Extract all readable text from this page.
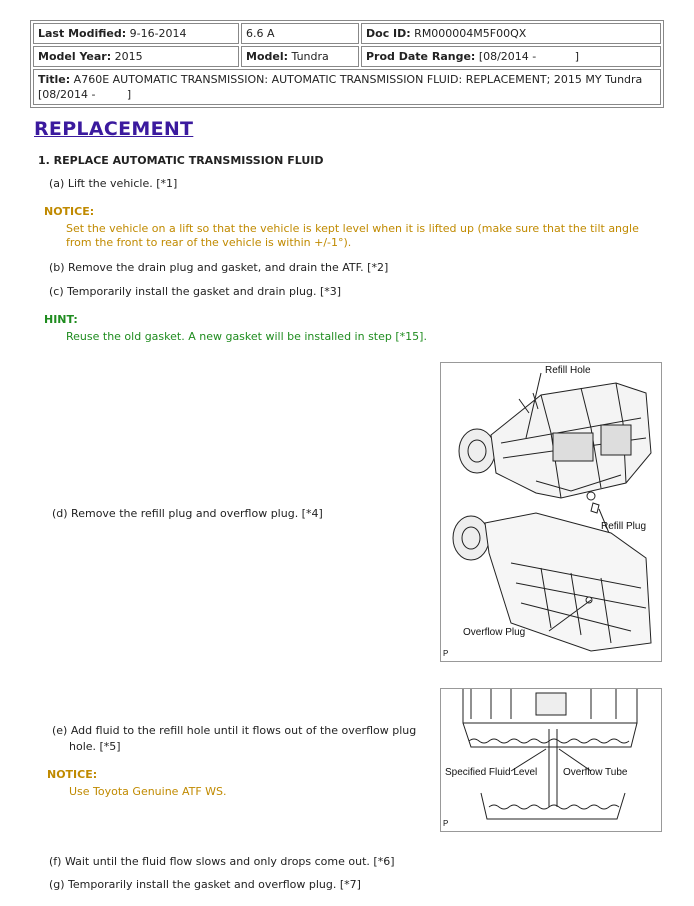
Last Modified: 9-16-2014	6.6 A	Doc ID: RM000004M5F00QX
Model Year: 2015	Model: Tundra	Prod Date Range: [08/2014 -           ]
Title: A760E AUTOMATIC TRANSMISSION: AUTOMATIC TRANSMISSION FLUID: REPLACEMENT; 2015 MY Tundra [08/2014 -         ]		
REPLACEMENT
1. REPLACE AUTOMATIC TRANSMISSION FLUID
(a) Lift the vehicle. [*1]
NOTICE:
Set the vehicle on a lift so that the vehicle is kept level when it is lifted up (make sure that the tilt angle
from the front to rear of the vehicle is within +/-1°).
(b) Remove the drain plug and gasket, and drain the ATF. [*2]
(c) Temporarily install the gasket and drain plug. [*3]
HINT:
Reuse the old gasket. A new gasket will be installed in step [*15].
(d) Remove the refill plug and overflow plug. [*4]
Refill Hole
Refill Plug
Overflow Plug
P
(e) Add fluid to the refill hole until it flows out of the overflow plug
hole. [*5]
NOTICE:
Use Toyota Genuine ATF WS.
Specified Fluid Level	Overflow Tube
P
(f) Wait until the fluid flow slows and only drops come out. [*6]
(g) Temporarily install the gasket and overflow plug. [*7]
